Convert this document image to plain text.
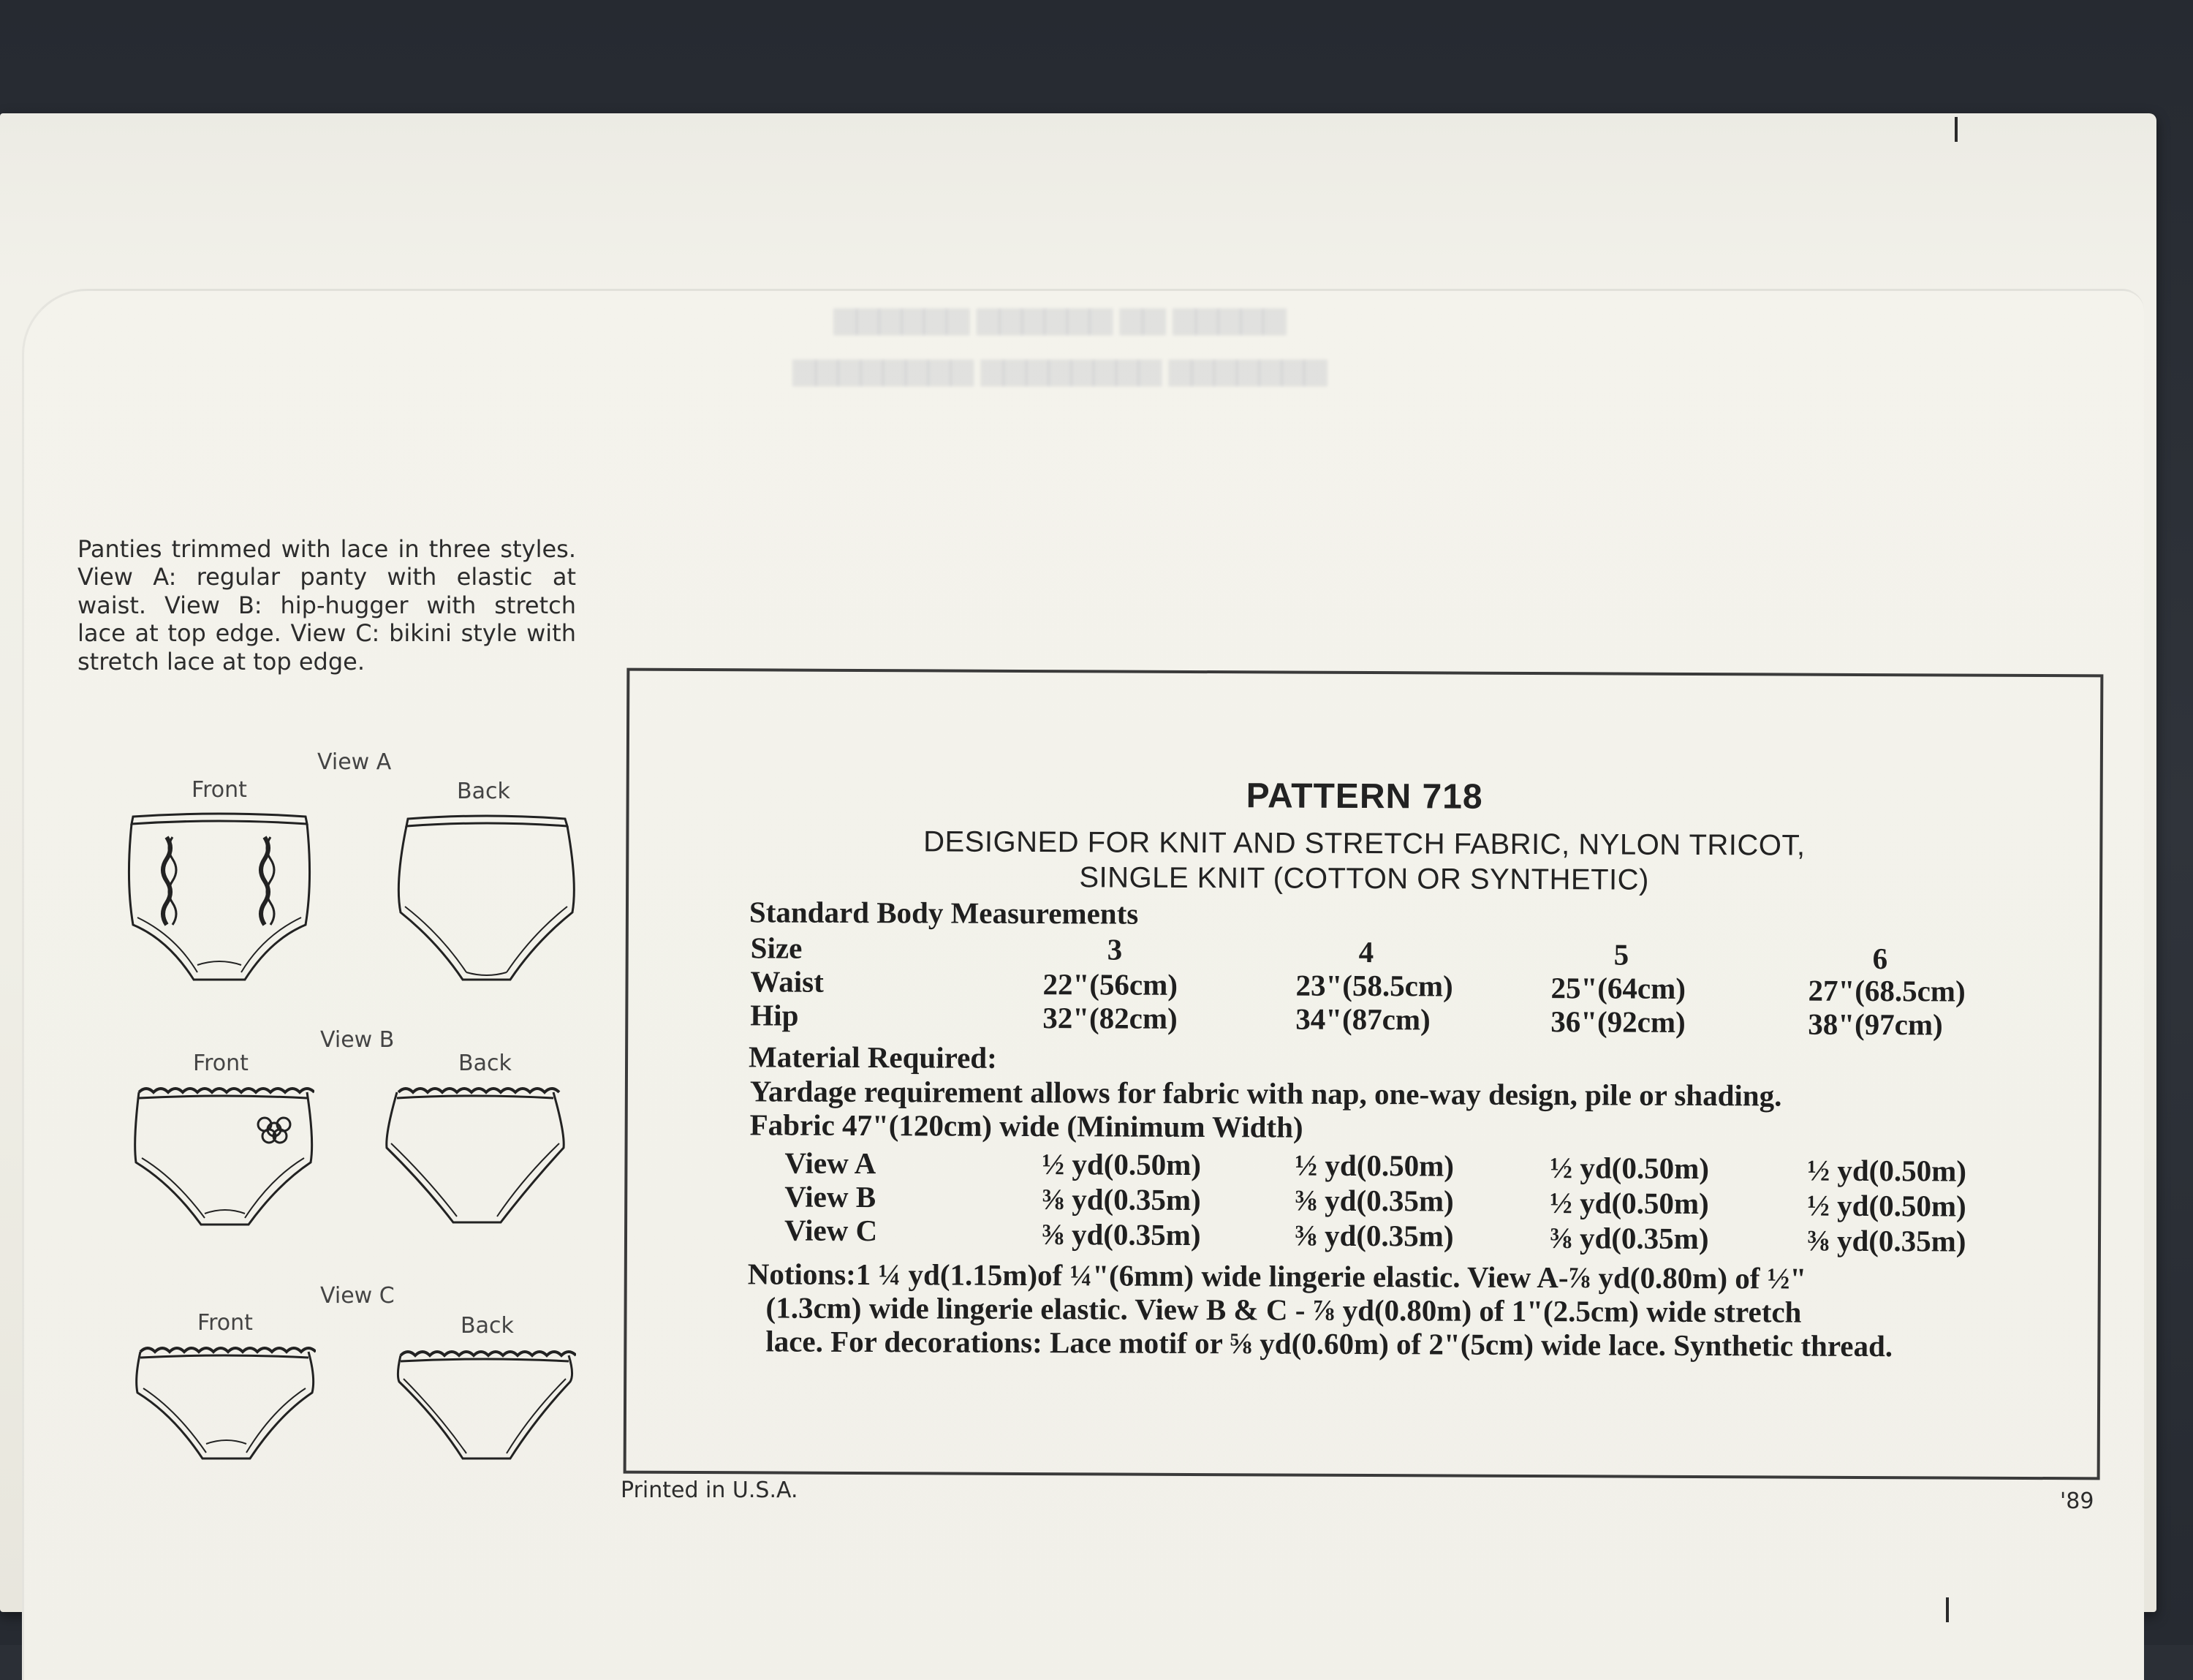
▆▆▆▆▆▆ ▆▆▆▆▆▆ ▆▆ ▆▆▆▆▆
▆▆▆▆▆▆▆▆ ▆▆▆▆▆▆▆▆ ▆▆▆▆▆▆▆
Panties trimmed with lace in three styles. View A: regular panty with elastic at waist. View B: hip-hugger with stretch lace at top edge. View C: bikini style with stretch lace at top edge.
View A
Front	Back
View B
Front	Back
View C
Front	Back
PATTERN 718
DESIGNED FOR KNIT AND STRETCH FABRIC, NYLON TRICOT,
SINGLE KNIT (COTTON OR SYNTHETIC)
Standard Body Measurements
Size	3	4	5	6
Waist	22"(56cm)	23"(58.5cm)	25"(64cm)	27"(68.5cm)
Hip	32"(82cm)	34"(87cm)	36"(92cm)	38"(97cm)
Material Required:
Yardage requirement allows for fabric with nap, one-way design, pile or shading.
Fabric 47"(120cm) wide (Minimum Width)
View A	½ yd(0.50m)	½ yd(0.50m)	½ yd(0.50m)	½ yd(0.50m)
View B	⅜ yd(0.35m)	⅜ yd(0.35m)	½ yd(0.50m)	½ yd(0.50m)
View C	⅜ yd(0.35m)	⅜ yd(0.35m)	⅜ yd(0.35m)	⅜ yd(0.35m)
Notions:1 ¼ yd(1.15m)of ¼"(6mm) wide lingerie elastic. View A-⅞ yd(0.80m) of ½"
(1.3cm) wide lingerie elastic. View B & C - ⅞ yd(0.80m) of 1"(2.5cm) wide stretch
lace. For decorations: Lace motif or ⅝ yd(0.60m) of 2"(5cm) wide lace. Synthetic thread.
Printed in U.S.A.	'89
